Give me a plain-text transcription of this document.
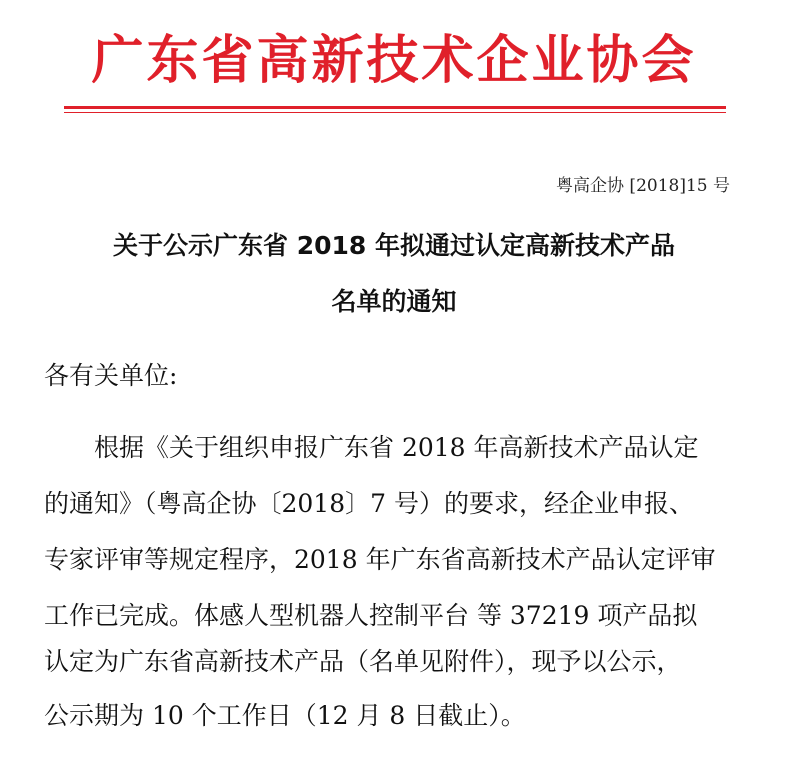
广东省高新技术企业协会
粤高企协 [2018]15 号
关于公示广东省 2018 年拟通过认定高新技术产品
名单的通知
各有关单位:
根据《关于组织申报广东省 2018 年高新技术产品认定
的通知》（粤高企协〔2018〕7 号）的要求，经企业申报、
专家评审等规定程序，2018 年广东省高新技术产品认定评审
工作已完成。体感人型机器人控制平台 等 37219 项产品拟
认定为广东省高新技术产品（名单见附件），现予以公示，
公示期为 10 个工作日（12 月 8 日截止）。
